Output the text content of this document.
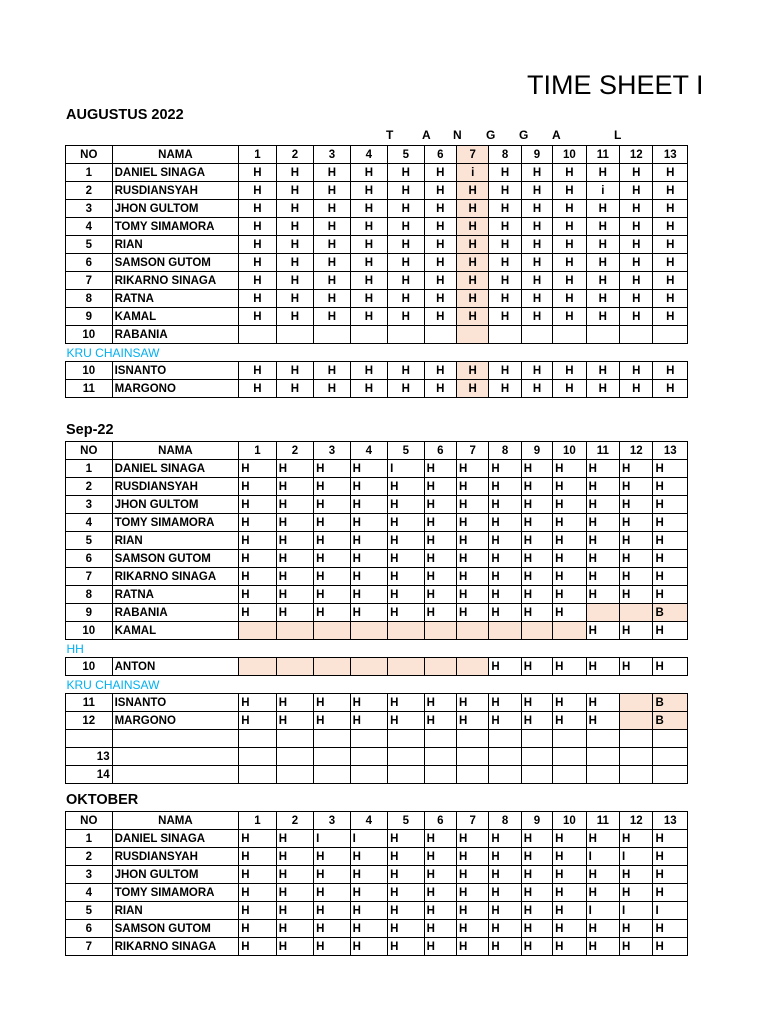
TIME SHEET I
AUGUSTUS 2022
T A N G G A	L
NO	NAMA	1	2	3	4	5	6	7	8	9	10	11	12	13
1	DANIEL SINAGA	H	H	H	H	H	H	i	H	H	H	H	H	H
2	RUSDIANSYAH	H	H	H	H	H	H	H	H	H	H	i	H	H
3	JHON GULTOM	H	H	H	H	H	H	H	H	H	H	H	H	H
4	TOMY SIMAMORA	H	H	H	H	H	H	H	H	H	H	H	H	H
5	RIAN	H	H	H	H	H	H	H	H	H	H	H	H	H
6	SAMSON GUTOM	H	H	H	H	H	H	H	H	H	H	H	H	H
7	RIKARNO SINAGA	H	H	H	H	H	H	H	H	H	H	H	H	H
8	RATNA	H	H	H	H	H	H	H	H	H	H	H	H	H
9	KAMAL	H	H	H	H	H	H	H	H	H	H	H	H	H
10	RABANIA													
KRU CHAINSAW														
10	ISNANTO	H	H	H	H	H	H	H	H	H	H	H	H	H
11	MARGONO	H	H	H	H	H	H	H	H	H	H	H	H	H
Sep-22
NO	NAMA	1	2	3	4	5	6	7	8	9	10	11	12	13
1	DANIEL SINAGA	H	H	H	H	I	H	H	H	H	H	H	H	H
2	RUSDIANSYAH	H	H	H	H	H	H	H	H	H	H	H	H	H
3	JHON GULTOM	H	H	H	H	H	H	H	H	H	H	H	H	H
4	TOMY SIMAMORA	H	H	H	H	H	H	H	H	H	H	H	H	H
5	RIAN	H	H	H	H	H	H	H	H	H	H	H	H	H
6	SAMSON GUTOM	H	H	H	H	H	H	H	H	H	H	H	H	H
7	RIKARNO SINAGA	H	H	H	H	H	H	H	H	H	H	H	H	H
8	RATNA	H	H	H	H	H	H	H	H	H	H	H	H	H
9	RABANIA	H	H	H	H	H	H	H	H	H	H			B
10	KAMAL											H	H	H
HH														
10	ANTON								H	H	H	H	H	H
KRU CHAINSAW														
11	ISNANTO	H	H	H	H	H	H	H	H	H	H	H		B
12	MARGONO	H	H	H	H	H	H	H	H	H	H	H		B

13														
14														
OKTOBER
NO	NAMA	1	2	3	4	5	6	7	8	9	10	11	12	13
1	DANIEL SINAGA	H	H	I	I	H	H	H	H	H	H	H	H	H
2	RUSDIANSYAH	H	H	H	H	H	H	H	H	H	H	I	I	H
3	JHON GULTOM	H	H	H	H	H	H	H	H	H	H	H	H	H
4	TOMY SIMAMORA	H	H	H	H	H	H	H	H	H	H	H	H	H
5	RIAN	H	H	H	H	H	H	H	H	H	H	I	I	I
6	SAMSON GUTOM	H	H	H	H	H	H	H	H	H	H	H	H	H
7	RIKARNO SINAGA	H	H	H	H	H	H	H	H	H	H	H	H	H
